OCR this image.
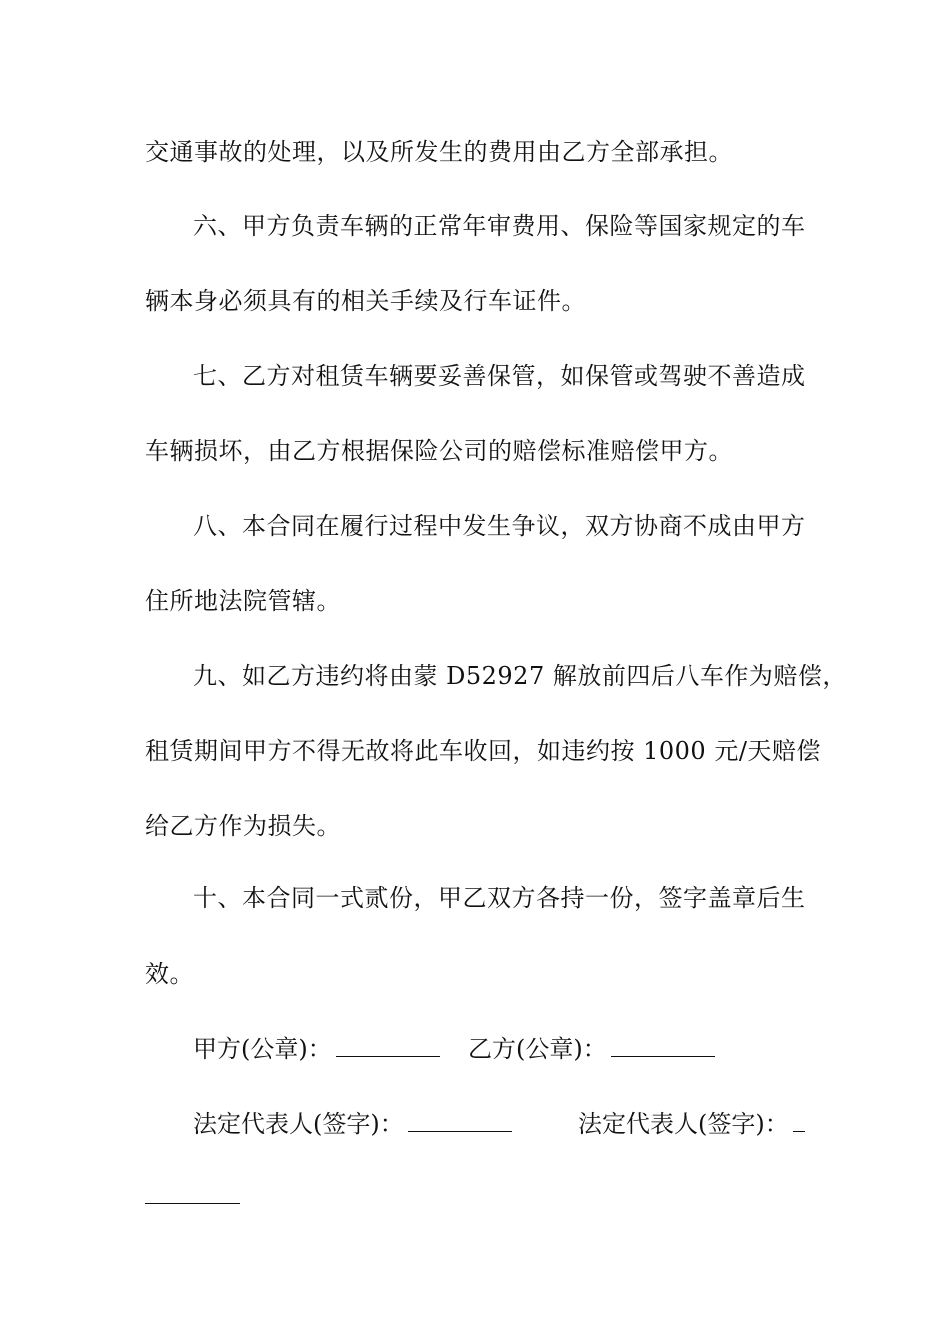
交通事故的处理，以及所发生的费用由乙方全部承担。
六、甲方负责车辆的正常年审费用、保险等国家规定的车
辆本身必须具有的相关手续及行车证件。
七、乙方对租赁车辆要妥善保管，如保管或驾驶不善造成
车辆损坏，由乙方根据保险公司的赔偿标准赔偿甲方。
八、本合同在履行过程中发生争议，双方协商不成由甲方
住所地法院管辖。
九、如乙方违约将由蒙 D52927 解放前四后八车作为赔偿，
租赁期间甲方不得无故将此车收回，如违约按 1000 元/天赔偿
给乙方作为损失。
十、本合同一式贰份，甲乙双方各持一份，签字盖章后生
效。
甲方(公章)：	乙方(公章)：
法定代表人(签字)：	法定代表人(签字)：
